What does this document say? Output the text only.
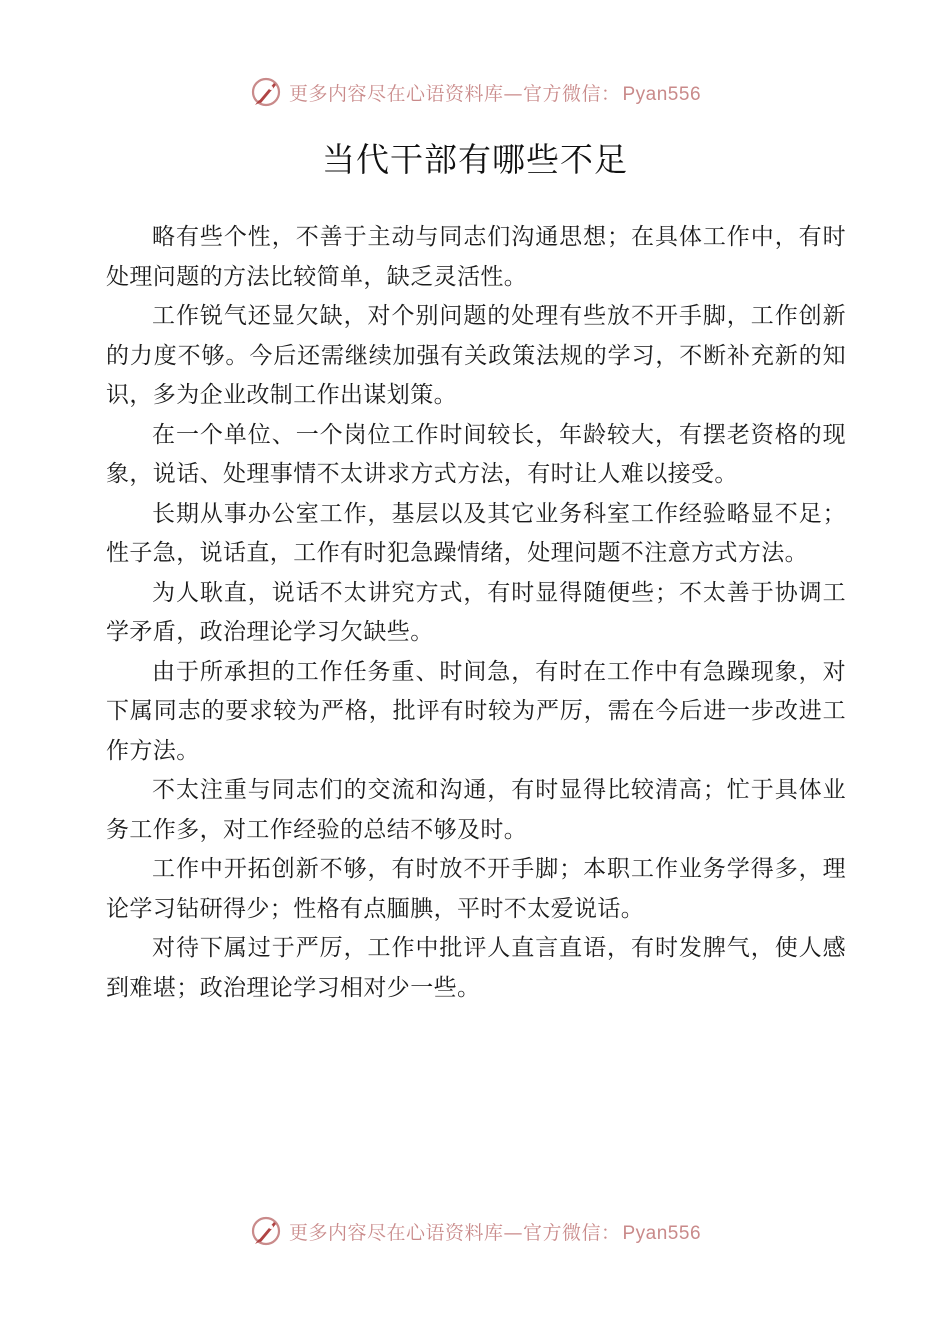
更多内容尽在心语资料库—官方微信： Pyan556
当代干部有哪些不足

略有些个性，不善于主动与同志们沟通思想；在具体工作中，有时处理问题的方法比较简单，缺乏灵活性。

工作锐气还显欠缺，对个别问题的处理有些放不开手脚，工作创新的力度不够。今后还需继续加强有关政策法规的学习，不断补充新的知识，多为企业改制工作出谋划策。

在一个单位、一个岗位工作时间较长，年龄较大，有摆老资格的现象，说话、处理事情不太讲求方式方法，有时让人难以接受。

长期从事办公室工作，基层以及其它业务科室工作经验略显不足；性子急，说话直，工作有时犯急躁情绪，处理问题不注意方式方法。

为人耿直，说话不太讲究方式，有时显得随便些；不太善于协调工学矛盾，政治理论学习欠缺些。

由于所承担的工作任务重、时间急，有时在工作中有急躁现象，对下属同志的要求较为严格，批评有时较为严厉，需在今后进一步改进工作方法。

不太注重与同志们的交流和沟通，有时显得比较清高；忙于具体业务工作多，对工作经验的总结不够及时。

工作中开拓创新不够，有时放不开手脚；本职工作业务学得多，理论学习钻研得少；性格有点腼腆，平时不太爱说话。

对待下属过于严厉，工作中批评人直言直语，有时发脾气，使人感到难堪；政治理论学习相对少一些。

更多内容尽在心语资料库—官方微信： Pyan556
